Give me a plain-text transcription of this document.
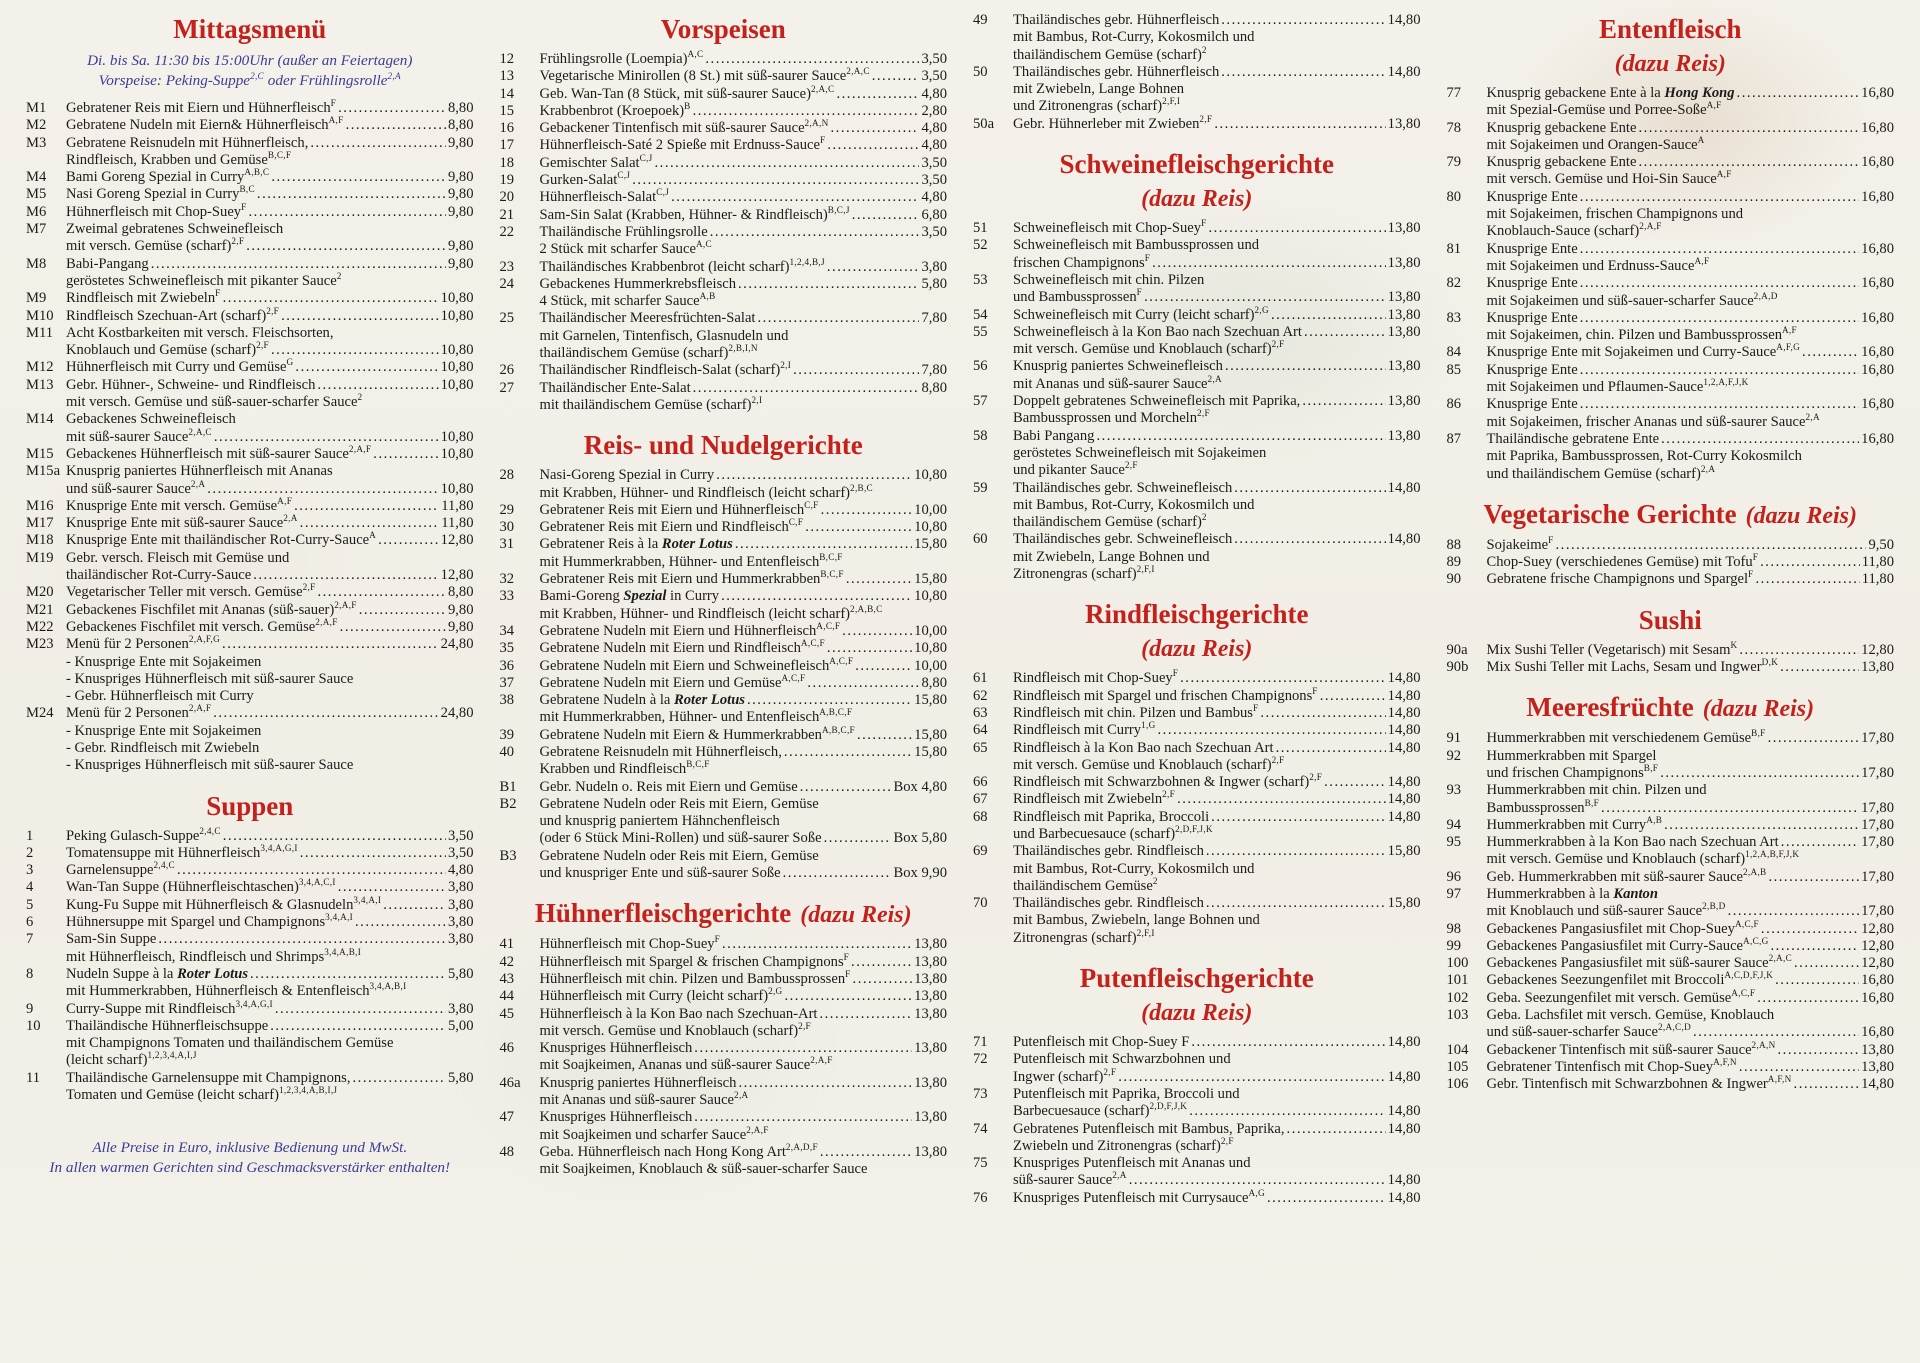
Mittagsmenü
Di. bis Sa. 11:30 bis 15:00Uhr (außer an Feiertagen)
Vorspeise: Peking-Suppe$^{2,C}$ oder Frühlingsrolle$^{2,A}$
M1	Gebratener Reis mit Eiern und Hühnerfleisch$^F$ .....	8,80
M2	Gebratene Nudeln mit Eiern& Hühnerfleisch$^{A,F}$ .....	8,80
M3	Gebratene Reisnudeln mit Hühnerfleisch, .....	9,80
Rindfleisch, Krabben und Gemüse$^{B,C,F}$
M4	Bami Goreng Spezial in Curry$^{A,B,C}$ .....	9,80
M5	Nasi Goreng Spezial in Curry$^{B,C}$ .....	9,80
M6	Hühnerfleisch mit Chop-Suey$^F$ .....	9,80
M7	Zweimal gebratenes Schweinefleisch
mit versch. Gemüse (scharf)$^{2,F}$ .....	9,80
M8	Babi-Pangang .....	9,80
geröstetes Schweinefleisch mit pikanter Sauce$^2$
M9	Rindfleisch mit Zwiebeln$^F$ .....	10,80
M10 Rindfleisch Szechuan-Art (scharf)$^{2,F}$ .....	10,80
M11 Acht Kostbarkeiten mit versch. Fleischsorten,
Knoblauch und Gemüse (scharf)$^{2,F}$ .....	10,80
M12 Hühnerfleisch mit Curry und Gemüse$^G$ .....	10,80
M13 Gebr. Hühner-, Schweine- und Rindfleisch .....	10,80
mit versch. Gemüse und süß-sauer-scharfer Sauce$^2$
M14 Gebackenes Schweinefleisch
mit süß-saurer Sauce$^{2,A,C}$ .....	10,80
M15 Gebackenes Hühnerfleisch mit süß-saurer Sauce$^{2,A,F}$ .....	10,80
M15a Knusprig paniertes Hühnerfleisch mit Ananas
und süß-saurer Sauce$^{2,A}$ .....	10,80
M16 Knusprige Ente mit versch. Gemüse$^{A,F}$ .....	11,80
M17 Knusprige Ente mit süß-saurer Sauce$^{2,A}$ .....	11,80
M18 Knusprige Ente mit thailändischer Rot-Curry-Sauce$^A$ .....	12,80
M19 Gebr. versch. Fleisch mit Gemüse und
thailändischer Rot-Curry-Sauce .....	12,80
M20 Vegetarischer Teller mit versch. Gemüse$^{2,F}$ .....	8,80
M21 Gebackenes Fischfilet mit Ananas (süß-sauer)$^{2,A,F}$ .....	9,80
M22 Gebackenes Fischfilet mit versch. Gemüse$^{2,A,F}$ .....	9,80
M23 Menü für 2 Personen$^{2,A,F,G}$ .....	24,80
- Knusprige Ente mit Sojakeimen
- Knuspriges Hühnerfleisch mit süß-saurer Sauce
- Gebr. Hühnerfleisch mit Curry
M24 Menü für 2 Personen$^{2,A,F}$ .....	24,80
- Knusprige Ente mit Sojakeimen
- Gebr. Rindfleisch mit Zwiebeln
- Knuspriges Hühnerfleisch mit süß-saurer Sauce
Suppen
1	Peking Gulasch-Suppe$^{2,4,C}$ .....	3,50
2	Tomatensuppe mit Hühnerfleisch$^{3,4,A,G,I}$ .....	3,50
3	Garnelensuppe$^{2,4,C}$ .....	4,80
4	Wan-Tan Suppe (Hühnerfleischtaschen)$^{3,4,A,C,I}$ .....	3,80
5	Kung-Fu Suppe mit Hühnerfleisch & Glasnudeln$^{3,4,A,I}$ .....	3,80
6	Hühnersuppe mit Spargel und Champignons$^{3,4,A,I}$ .....	3,80
7	Sam-Sin Suppe .....	3,80
mit Hühnerfleisch, Rindfleisch und Shrimps$^{3,4,A,B,I}$
8	Nudeln Suppe à la Roter Lotus .....	5,80
mit Hummerkrabben, Hühnerfleisch & Entenfleisch$^{3,4,A,B,I}$
9	Curry-Suppe mit Rindfleisch$^{3,4,A,G,I}$ .....	3,80
10	Thailändische Hühnerfleischsuppe .....	5,00
mit Champignons Tomaten und thailändischem Gemüse
(leicht scharf)$^{1,2,3,4,A,I,J}$
11	Thailändische Garnelensuppe mit Champignons, .....	5,80
Tomaten und Gemüse (leicht scharf)$^{1,2,3,4,A,B,I,J}$
Alle Preise in Euro, inklusive Bedienung und MwSt.
In allen warmen Gerichten sind Geschmacksverstärker enthalten!
Vorspeisen
12	Frühlingsrolle (Loempia)$^{A,C}$ .....	3,50
13	Vegetarische Minirollen (8 St.) mit süß-saurer Sauce$^{2,A,C}$ .....	3,50
14	Geb. Wan-Tan (8 Stück, mit süß-saurer Sauce)$^{2,A,C}$ .....	4,80
15	Krabbenbrot (Kroepoek)$^B$ .....	2,80
16	Gebackener Tintenfisch mit süß-saurer Sauce$^{2,A,N}$ .....	4,80
17	Hühnerfleisch-Saté 2 Spieße mit Erdnuss-Sauce$^F$ .....	4,80
18	Gemischter Salat$^{C,J}$ .....	3,50
19	Gurken-Salat$^{C,J}$ .....	3,50
20	Hühnerfleisch-Salat$^{C,J}$ .....	4,80
21	Sam-Sin Salat (Krabben, Hühner- & Rindfleisch)$^{B,C,J}$ .....	6,80
22	Thailändische Frühlingsrolle .....	3,50
2 Stück mit scharfer Sauce$^{A,C}$
23	Thailändisches Krabbenbrot (leicht scharf)$^{1,2,4,B,J}$ .....	3,80
24	Gebackenes Hummerkrebsfleisch .....	5,80
4 Stück, mit scharfer Sauce$^{A,B}$
25	Thailändischer Meeresfrüchten-Salat .....	7,80
mit Garnelen, Tintenfisch, Glasnudeln und
thailändischem Gemüse (scharf)$^{2,B,I,N}$
26	Thailändischer Rindfleisch-Salat (scharf)$^{2,I}$ .....	7,80
27	Thailändischer Ente-Salat .....	8,80
mit thailändischem Gemüse (scharf)$^{2,I}$
Reis- und Nudelgerichte
28	Nasi-Goreng Spezial in Curry .....	10,80
mit Krabben, Hühner- und Rindfleisch (leicht scharf)$^{2,B,C}$
29	Gebratener Reis mit Eiern und Hühnerfleisch$^{C,F}$ .....	10,00
30	Gebratener Reis mit Eiern und Rindfleisch$^{C,F}$ .....	10,80
31	Gebratener Reis à la Roter Lotus .....	15,80
mit Hummerkrabben, Hühner- und Entenfleisch$^{B,C,F}$
32	Gebratener Reis mit Eiern und Hummerkrabben$^{B,C,F}$ .....	15,80
33	Bami-Goreng Spezial in Curry .....	10,80
mit Krabben, Hühner- und Rindfleisch (leicht scharf)$^{2,A,B,C}$
34	Gebratene Nudeln mit Eiern und Hühnerfleisch$^{A,C,F}$ .....	10,00
35	Gebratene Nudeln mit Eiern und Rindfleisch$^{A,C,F}$ .....	10,80
36	Gebratene Nudeln mit Eiern und Schweinefleisch$^{A,C,F}$ .....	10,00
37	Gebratene Nudeln mit Eiern und Gemüse$^{A,C,F}$ .....	8,80
38	Gebratene Nudeln à la Roter Lotus .....	15,80
mit Hummerkrabben, Hühner- und Entenfleisch$^{A,B,C,F}$
39	Gebratene Nudeln mit Eiern & Hummerkrabben$^{A,B,C,F}$ .....	15,80
40	Gebratene Reisnudeln mit Hühnerfleisch, .....	15,80
Krabben und Rindfleisch$^{B,C,F}$
B1	Gebr. Nudeln o. Reis mit Eiern und Gemüse .....	Box 4,80
B2	Gebratene Nudeln oder Reis mit Eiern, Gemüse
und knusprig paniertem Hähnchenfleisch
(oder 6 Stück Mini-Rollen) und süß-saurer Soße .....	Box 5,80
B3	Gebratene Nudeln oder Reis mit Eiern, Gemüse
und knuspriger Ente und süß-saurer Soße .....	Box 9,90
Hühnerfleischgerichte (dazu Reis)
41	Hühnerfleisch mit Chop-Suey$^F$ .....	13,80
42	Hühnerfleisch mit Spargel & frischen Champignons$^F$ .....	13,80
43	Hühnerfleisch mit chin. Pilzen und Bambussprossen$^F$ .....	13,80
44	Hühnerfleisch mit Curry (leicht scharf)$^{2,G}$ .....	13,80
45	Hühnerfleisch à la Kon Bao nach Szechuan-Art .....	13,80
mit versch. Gemüse und Knoblauch (scharf)$^{2,F}$
46	Knuspriges Hühnerfleisch .....	13,80
mit Soajkeimen, Ananas und süß-saurer Sauce$^{2,A,F}$
46a	Knusprig paniertes Hühnerfleisch .....	13,80
mit Ananas und süß-saurer Sauce$^{2,A}$
47	Knuspriges Hühnerfleisch .....	13,80
mit Soajkeimen und scharfer Sauce$^{2,A,F}$
48	Geba. Hühnerfleisch nach Hong Kong Art$^{2,A,D,F}$ .....	13,80
mit Soajkeimen, Knoblauch & süß-sauer-scharfer Sauce
49	Thailändisches gebr. Hühnerfleisch .....	14,80
mit Bambus, Rot-Curry, Kokosmilch und
thailändischem Gemüse (scharf)$^2$
50	Thailändisches gebr. Hühnerfleisch .....	14,80
mit Zwiebeln, Lange Bohnen
und Zitronengras (scharf)$^{2,F,I}$
50a	Gebr. Hühnerleber mit Zwieben$^{2,F}$ .....	13,80
Schweinefleischgerichte
(dazu Reis)
51	Schweinefleisch mit Chop-Suey$^F$ .....	13,80
52	Schweinefleisch mit Bambussprossen und
frischen Champignons$^F$ .....	13,80
53	Schweinefleisch mit chin. Pilzen
und Bambussprossen$^F$ .....	13,80
54	Schweinefleisch mit Curry (leicht scharf)$^{2,G}$ .....	13,80
55	Schweinefleisch à la Kon Bao nach Szechuan Art .....	13,80
mit versch. Gemüse und Knoblauch (scharf)$^{2,F}$
56	Knusprig paniertes Schweinefleisch .....	13,80
mit Ananas und süß-saurer Sauce$^{2,A}$
57	Doppelt gebratenes Schweinefleisch mit Paprika, .....	13,80
Bambussprossen und Morcheln$^{2,F}$
58	Babi Pangang .....	13,80
geröstetes Schweinefleisch mit Sojakeimen
und pikanter Sauce$^{2,F}$
59	Thailändisches gebr. Schweinefleisch .....	14,80
mit Bambus, Rot-Curry, Kokosmilch und
thailändischem Gemüse (scharf)$^2$
60	Thailändisches gebr. Schweinefleisch .....	14,80
mit Zwiebeln, Lange Bohnen und
Zitronengras (scharf)$^{2,F,I}$
Rindfleischgerichte
(dazu Reis)
61	Rindfleisch mit Chop-Suey$^F$ .....	14,80
62	Rindfleisch mit Spargel und frischen Champignons$^F$ .....	14,80
63	Rindfleisch mit chin. Pilzen und Bambus$^F$ .....	14,80
64	Rindfleisch mit Curry$^{1,G}$ .....	14,80
65	Rindfleisch à la Kon Bao nach Szechuan Art .....	14,80
mit versch. Gemüse und Knoblauch (scharf)$^{2,F}$
66	Rindfleisch mit Schwarzbohnen & Ingwer (scharf)$^{2,F}$ .....	14,80
67	Rindfleisch mit Zwiebeln$^{2,F}$ .....	14,80
68	Rindfleisch mit Paprika, Broccoli .....	14,80
und Barbecuesauce (scharf)$^{2,D,F,J,K}$
69	Thailändisches gebr. Rindfleisch .....	15,80
mit Bambus, Rot-Curry, Kokosmilch und
thailändischem Gemüse$^2$
70	Thailändisches gebr. Rindfleisch .....	15,80
mit Bambus, Zwiebeln, lange Bohnen und
Zitronengras (scharf)$^{2,F,I}$
Putenfleischgerichte
(dazu Reis)
71	Putenfleisch mit Chop-Suey F .....	14,80
72	Putenfleisch mit Schwarzbohnen und
Ingwer (scharf)$^{2,F}$ .....	14,80
73	Putenfleisch mit Paprika, Broccoli und
Barbecuesauce (scharf)$^{2,D,F,J,K}$ .....	14,80
74	Gebratenes Putenfleisch mit Bambus, Paprika, .....	14,80
Zwiebeln und Zitronengras (scharf)$^{2,F}$
75	Knuspriges Putenfleisch mit Ananas und
süß-saurer Sauce$^{2,A}$ .....	14,80
76	Knuspriges Putenfleisch mit Currysauce$^{A,G}$ .....	14,80
Entenfleisch
(dazu Reis)
77	Knusprig gebackene Ente à la Hong Kong .....	16,80
mit Spezial-Gemüse und Porree-Soße$^{A,F}$
78	Knusprig gebackene Ente .....	16,80
mit Sojakeimen und Orangen-Sauce$^A$
79	Knusprig gebackene Ente .....	16,80
mit versch. Gemüse und Hoi-Sin Sauce$^{A,F}$
80	Knusprige Ente .....	16,80
mit Sojakeimen, frischen Champignons und
Knoblauch-Sauce (scharf)$^{2,A,F}$
81	Knusprige Ente .....	16,80
mit Sojakeimen und Erdnuss-Sauce$^{A,F}$
82	Knusprige Ente .....	16,80
mit Sojakeimen und süß-sauer-scharfer Sauce$^{2,A,D}$
83	Knusprige Ente .....	16,80
mit Sojakeimen, chin. Pilzen und Bambussprossen$^{A,F}$
84	Knusprige Ente mit Sojakeimen und Curry-Sauce$^{A,F,G}$ .....	16,80
85	Knusprige Ente .....	16,80
mit Sojakeimen und Pflaumen-Sauce$^{1,2,A,F,J,K}$
86	Knusprige Ente .....	16,80
mit Sojakeimen, frischer Ananas und süß-saurer Sauce$^{2,A}$
87	Thailändische gebratene Ente .....	16,80
mit Paprika, Bambussprossen, Rot-Curry Kokosmilch
und thailändischem Gemüse (scharf)$^{2,A}$
Vegetarische Gerichte (dazu Reis)
88	Sojakeime$^F$ .....	9,50
89	Chop-Suey (verschiedenes Gemüse) mit Tofu$^F$ .....	11,80
90	Gebratene frische Champignons und Spargel$^F$ .....	11,80
Sushi
90a	Mix Sushi Teller (Vegetarisch) mit Sesam$^K$ .....	12,80
90b	Mix Sushi Teller mit Lachs, Sesam und Ingwer$^{D,K}$ .....	13,80
Meeresfrüchte (dazu Reis)
91	Hummerkrabben mit verschiedenem Gemüse$^{B,F}$ .....	17,80
92	Hummerkrabben mit Spargel
und frischen Champignons$^{B,F}$ .....	17,80
93	Hummerkrabben mit chin. Pilzen und
Bambussprossen$^{B,F}$ .....	17,80
94	Hummerkrabben mit Curry$^{A,B}$ .....	17,80
95	Hummerkrabben à la Kon Bao nach Szechuan Art .....	17,80
mit versch. Gemüse und Knoblauch (scharf)$^{1,2,A,B,F,J,K}$
96	Geb. Hummerkrabben mit süß-saurer Sauce$^{2,A,B}$ .....	17,80
97	Hummerkrabben à la Kanton
mit Knoblauch und süß-saurer Sauce$^{2,B,D}$ .....	17,80
98	Gebackenes Pangasiusfilet mit Chop-Suey$^{A,C,F}$ .....	12,80
99	Gebackenes Pangasiusfilet mit Curry-Sauce$^{A,C,G}$ .....	12,80
100	Gebackenes Pangasiusfilet mit süß-saurer Sauce$^{2,A,C}$ .....	12,80
101	Gebackenes Seezungenfilet mit Broccoli$^{A,C,D,F,J,K}$ .....	16,80
102	Geba. Seezungenfilet mit versch. Gemüse$^{A,C,F}$ .....	16,80
103	Geba. Lachsfilet mit versch. Gemüse, Knoblauch
und süß-sauer-scharfer Sauce$^{2,A,C,D}$ .....	16,80
104	Gebackener Tintenfisch mit süß-saurer Sauce$^{2,A,N}$ .....	13,80
105	Gebratener Tintenfisch mit Chop-Suey$^{A,F,N}$ .....	13,80
106	Gebr. Tintenfisch mit Schwarzbohnen & Ingwer$^{A,F,N}$ .....	14,80
